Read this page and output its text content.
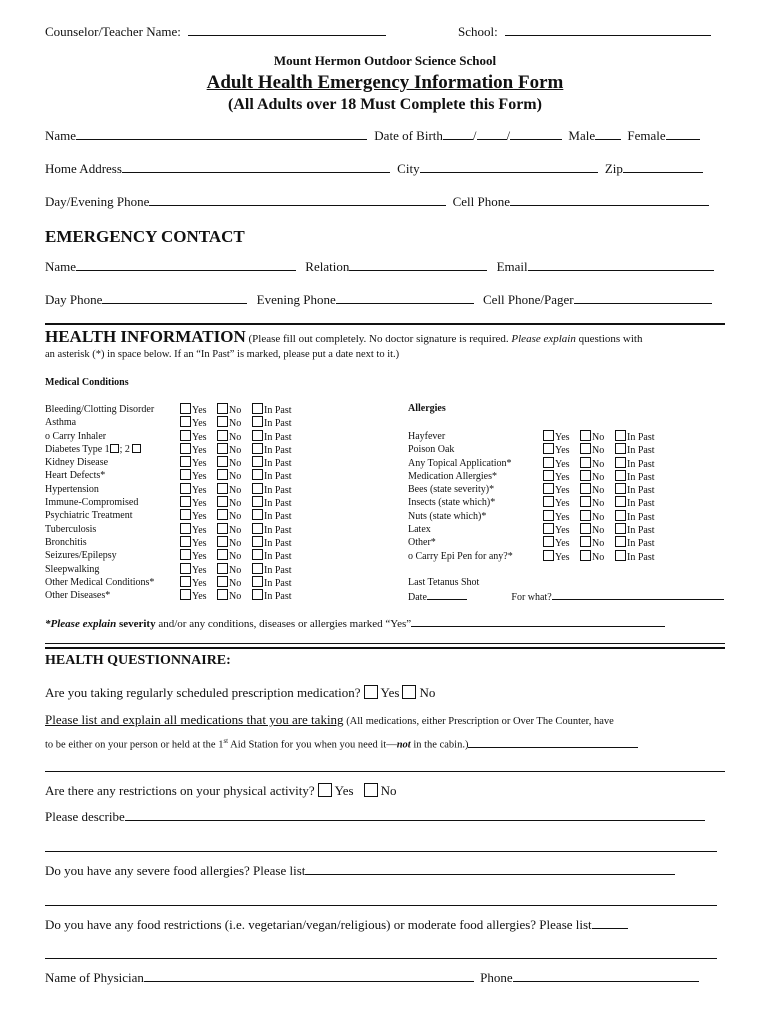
Counselor/Teacher Name:	School:
Mount Hermon Outdoor Science School
Adult Health Emergency Information Form
(All Adults over 18 Must Complete this Form)
Name	Date of Birth / /	Male Female
Home Address	City	Zip
Day/Evening Phone	Cell Phone
EMERGENCY CONTACT
Name	Relation	Email
Day Phone	Evening Phone	Cell Phone/Pager
HEALTH INFORMATION (Please fill out completely. No doctor signature is required. Please explain questions with
an asterisk (*) in space below. If an “In Past” is marked, please put a date next to it.)
Medical Conditions
Allergies
Bleeding/Clotting Disorder	Yes	No	In Past
Asthma	Yes	No	In Past
o Carry Inhaler	Yes	No	In Past
Diabetes Type 1 ; 2	Yes	No	In Past
Kidney Disease	Yes	No	In Past
Heart Defects*	Yes	No	In Past
Hypertension	Yes	No	In Past
Immune-Compromised	Yes	No	In Past
Psychiatric Treatment	Yes	No	In Past
Tuberculosis	Yes	No	In Past
Bronchitis	Yes	No	In Past
Seizures/Epilepsy	Yes	No	In Past
Sleepwalking	Yes	No	In Past
Other Medical Conditions*	Yes	No	In Past
Other Diseases*	Yes	No	In Past
Hayfever	Yes	No	In Past
Poison Oak	Yes	No	In Past
Any Topical Application*	Yes	No	In Past
Medication Allergies*	Yes	No	In Past
Bees (state severity)*	Yes	No	In Past
Insects (state which)*	Yes	No	In Past
Nuts (state which)*	Yes	No	In Past
Latex	Yes	No	In Past
Other*	Yes	No	In Past
o Carry Epi Pen for any?*	Yes	No	In Past
Last Tetanus Shot
Date	For what?
*Please explain severity and/or any conditions, diseases or allergies marked “Yes”
HEALTH QUESTIONNAIRE:
Are you taking regularly scheduled prescription medication? Yes No
Please list and explain all medications that you are taking (All medications, either Prescription or Over The Counter, have
to be either on your person or held at the 1st Aid Station for you when you need it—not in the cabin.)
Are there any restrictions on your physical activity? Yes No
Please describe
Do you have any severe food allergies? Please list
Do you have any food restrictions (i.e. vegetarian/vegan/religious) or moderate food allergies? Please list
Name of Physician	Phone
